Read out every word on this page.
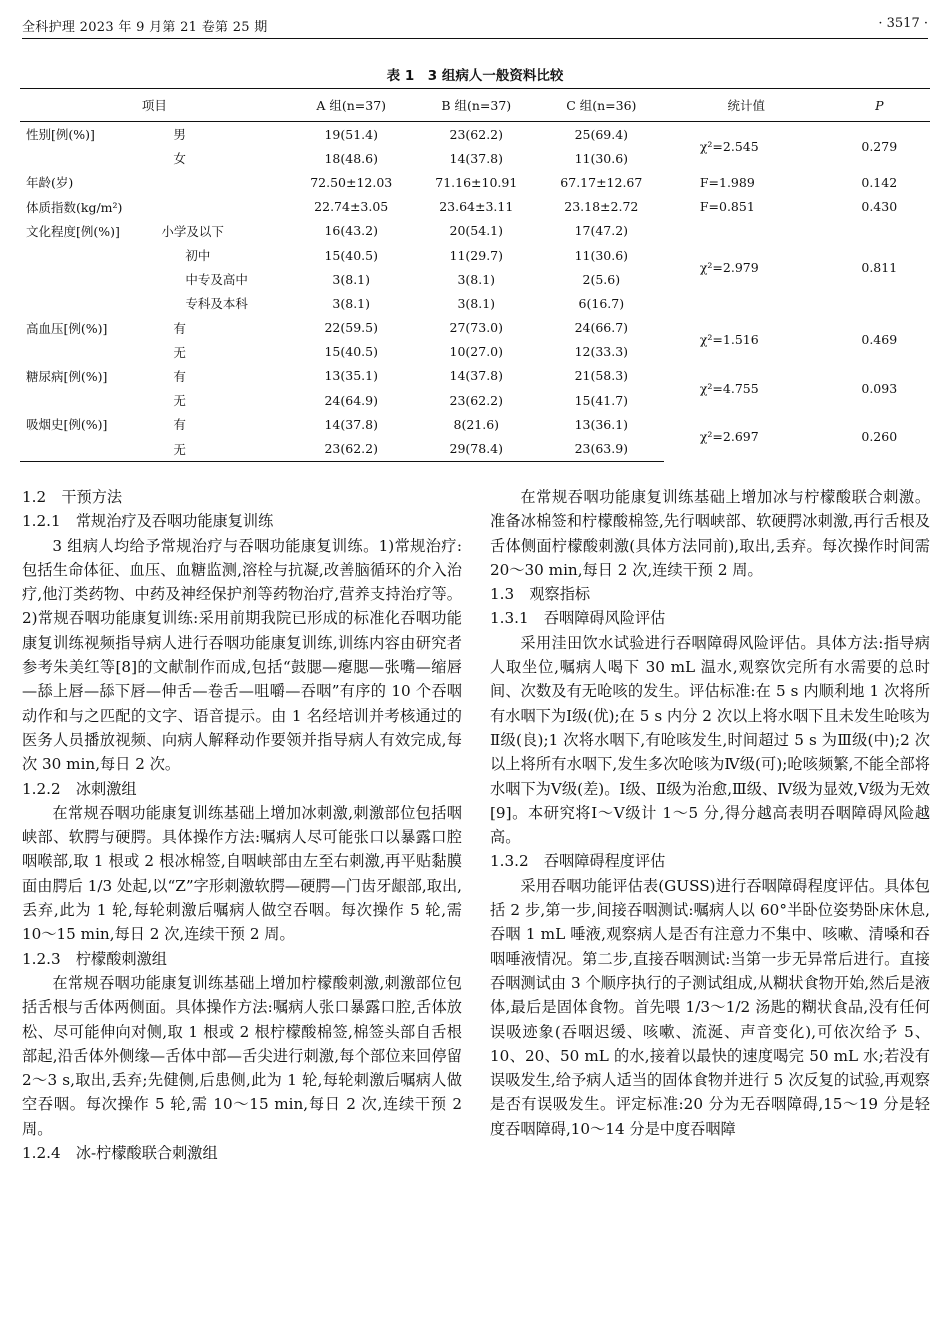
全科护理 2023 年 9 月第 21 卷第 25 期	· 3517 ·
表 1　3 组病人一般资料比较
项目		A 组(n=37)	B 组(n=37)	C 组(n=36)	统计值	P
性别[例(%)]	男	19(51.4)	23(62.2)	25(69.4)	χ²=2.545	0.279
	女	18(48.6)	14(37.8)	11(30.6)		
年龄(岁)		72.50±12.03	71.16±10.91	67.17±12.67	F=1.989	0.142
体质指数(kg/m²)		22.74±3.05	23.64±3.11	23.18±2.72	F=0.851	0.430
文化程度[例(%)]	小学及以下	16(43.2)	20(54.1)	17(47.2)	χ²=2.979	0.811
	初中	15(40.5)	11(29.7)	11(30.6)		
	中专及高中	3(8.1)	3(8.1)	2(5.6)		
	专科及本科	3(8.1)	3(8.1)	6(16.7)		
高血压[例(%)]	有	22(59.5)	27(73.0)	24(66.7)	χ²=1.516	0.469
	无	15(40.5)	10(27.0)	12(33.3)		
糖尿病[例(%)]	有	13(35.1)	14(37.8)	21(58.3)	χ²=4.755	0.093
	无	24(64.9)	23(62.2)	15(41.7)		
吸烟史[例(%)]	有	14(37.8)	8(21.6)	13(36.1)	χ²=2.697	0.260
	无	23(62.2)	29(78.4)	23(63.9)		

1.2　干预方法

1.2.1　常规治疗及吞咽功能康复训练

3 组病人均给予常规治疗与吞咽功能康复训练。1)常规治疗:包括生命体征、血压、血糖监测,溶栓与抗凝,改善脑循环的介入治疗,他汀类药物、中药及神经保护剂等药物治疗,营养支持治疗等。2)常规吞咽功能康复训练:采用前期我院已形成的标准化吞咽功能康复训练视频指导病人进行吞咽功能康复训练,训练内容由研究者参考朱美红等[8]的文献制作而成,包括“鼓腮—瘪腮—张嘴—缩唇—舔上唇—舔下唇—伸舌—卷舌—咀嚼—吞咽”有序的 10 个吞咽动作和与之匹配的文字、语音提示。由 1 名经培训并考核通过的医务人员播放视频、向病人解释动作要领并指导病人有效完成,每次 30 min,每日 2 次。

1.2.2　冰刺激组

在常规吞咽功能康复训练基础上增加冰刺激,刺激部位包括咽峡部、软腭与硬腭。具体操作方法:嘱病人尽可能张口以暴露口腔咽喉部,取 1 根或 2 根冰棉签,自咽峡部由左至右刺激,再平贴黏膜面由腭后 1/3 处起,以“Z”字形刺激软腭—硬腭—门齿牙龈部,取出,丢弃,此为 1 轮,每轮刺激后嘱病人做空吞咽。每次操作 5 轮,需 10～15 min,每日 2 次,连续干预 2 周。

1.2.3　柠檬酸刺激组

在常规吞咽功能康复训练基础上增加柠檬酸刺激,刺激部位包括舌根与舌体两侧面。具体操作方法:嘱病人张口暴露口腔,舌体放松、尽可能伸向对侧,取 1 根或 2 根柠檬酸棉签,棉签头部自舌根部起,沿舌体外侧缘—舌体中部—舌尖进行刺激,每个部位来回停留 2～3 s,取出,丢弃;先健侧,后患侧,此为 1 轮,每轮刺激后嘱病人做空吞咽。每次操作 5 轮,需 10～15 min,每日 2 次,连续干预 2 周。

1.2.4　冰-柠檬酸联合刺激组

在常规吞咽功能康复训练基础上增加冰与柠檬酸联合刺激。准备冰棉签和柠檬酸棉签,先行咽峡部、软硬腭冰刺激,再行舌根及舌体侧面柠檬酸刺激(具体方法同前),取出,丢弃。每次操作时间需 20～30 min,每日 2 次,连续干预 2 周。

1.3　观察指标

1.3.1　吞咽障碍风险评估

采用洼田饮水试验进行吞咽障碍风险评估。具体方法:指导病人取坐位,嘱病人喝下 30 mL 温水,观察饮完所有水需要的总时间、次数及有无呛咳的发生。评估标准:在 5 s 内顺利地 1 次将所有水咽下为Ⅰ级(优);在 5 s 内分 2 次以上将水咽下且未发生呛咳为Ⅱ级(良);1 次将水咽下,有呛咳发生,时间超过 5 s 为Ⅲ级(中);2 次以上将所有水咽下,发生多次呛咳为Ⅳ级(可);呛咳频繁,不能全部将水咽下为Ⅴ级(差)。Ⅰ级、Ⅱ级为治愈,Ⅲ级、Ⅳ级为显效,Ⅴ级为无效[9]。本研究将Ⅰ～Ⅴ级计 1～5 分,得分越高表明吞咽障碍风险越高。

1.3.2　吞咽障碍程度评估

采用吞咽功能评估表(GUSS)进行吞咽障碍程度评估。具体包括 2 步,第一步,间接吞咽测试:嘱病人以 60°半卧位姿势卧床休息,吞咽 1 mL 唾液,观察病人是否有注意力不集中、咳嗽、清嗓和吞咽唾液情况。第二步,直接吞咽测试:当第一步无异常后进行。直接吞咽测试由 3 个顺序执行的子测试组成,从糊状食物开始,然后是液体,最后是固体食物。首先喂 1/3～1/2 汤匙的糊状食品,没有任何误吸迹象(吞咽迟缓、咳嗽、流涎、声音变化),可依次给予 5、10、20、50 mL 的水,接着以最快的速度喝完 50 mL 水;若没有误吸发生,给予病人适当的固体食物并进行 5 次反复的试验,再观察是否有误吸发生。评定标准:20 分为无吞咽障碍,15～19 分是轻度吞咽障碍,10～14 分是中度吞咽障
